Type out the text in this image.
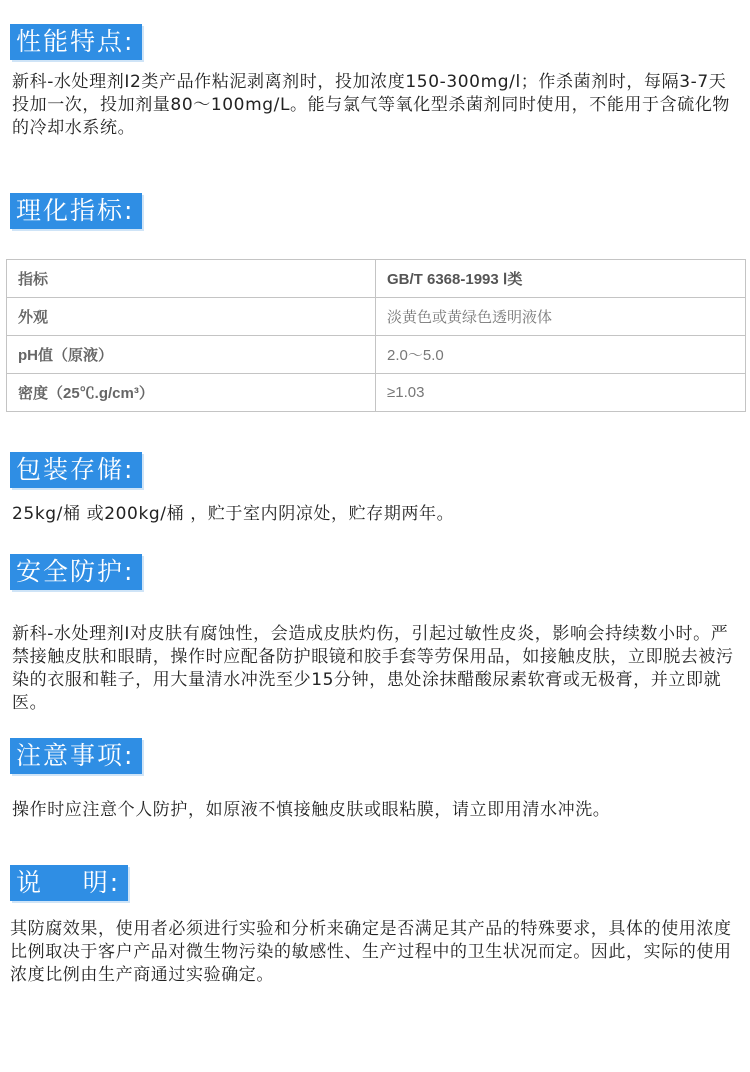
性能特点:
新科-水处理剂I2类产品作粘泥剥离剂时，投加浓度150-300mg/l；作杀菌剂时，每隔3-7天投加一次，投加剂量80～100mg/L。能与氯气等氧化型杀菌剂同时使用，不能用于含硫化物的冷却水系统。
理化指标:
指标	GB/T 6368-1993 Ⅰ类
外观	淡黄色或黄绿色透明液体
pH值（原液）	2.0～5.0
密度（25℃.g/cm³）	≥1.03
包装存储:
25kg/桶 或200kg/桶 ，贮于室内阴凉处，贮存期两年。
安全防护:
新科-水处理剂I对皮肤有腐蚀性，会造成皮肤灼伤，引起过敏性皮炎，影响会持续数小时。严禁接触皮肤和眼睛，操作时应配备防护眼镜和胶手套等劳保用品，如接触皮肤，立即脱去被污染的衣服和鞋子，用大量清水冲洗至少15分钟，患处涂抹醋酸尿素软膏或无极膏，并立即就医。
注意事项:
操作时应注意个人防护，如原液不慎接触皮肤或眼粘膜，请立即用清水冲洗。
说    明:
其防腐效果，使用者必须进行实验和分析来确定是否满足其产品的特殊要求，具体的使用浓度比例取决于客户产品对微生物污染的敏感性、生产过程中的卫生状况而定。因此，实际的使用浓度比例由生产商通过实验确定。
